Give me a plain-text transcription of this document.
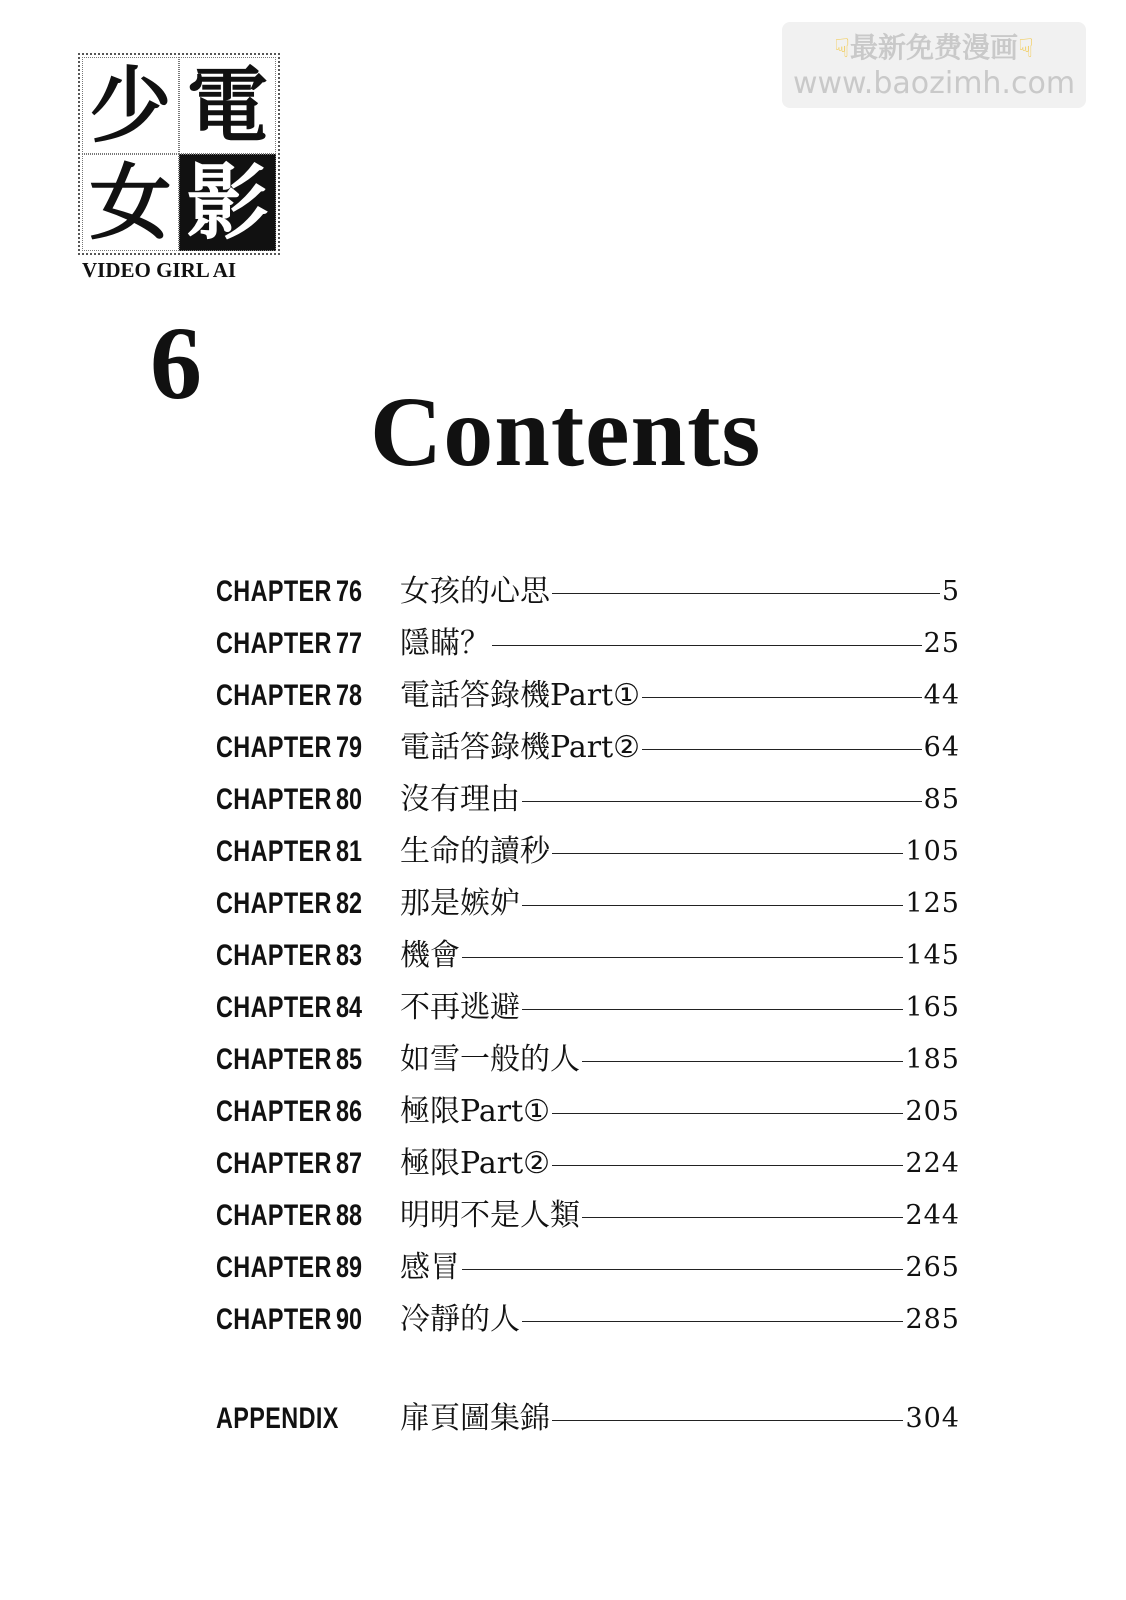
少 電
女 影
VIDEO GIRL AI
☟最新免费漫画☟
www.baozimh.com
6
Contents
CHAPTER 76	女孩的心思	5
CHAPTER 77	隱瞞？	25
CHAPTER 78	電話答錄機Part①	44
CHAPTER 79	電話答錄機Part②	64
CHAPTER 80	沒有理由	85
CHAPTER 81	生命的讀秒	105
CHAPTER 82	那是嫉妒	125
CHAPTER 83	機會	145
CHAPTER 84	不再逃避	165
CHAPTER 85	如雪一般的人	185
CHAPTER 86	極限Part①	205
CHAPTER 87	極限Part②	224
CHAPTER 88	明明不是人類	244
CHAPTER 89	感冒	265
CHAPTER 90	冷靜的人	285
APPENDIX 扉頁圖集錦	304
